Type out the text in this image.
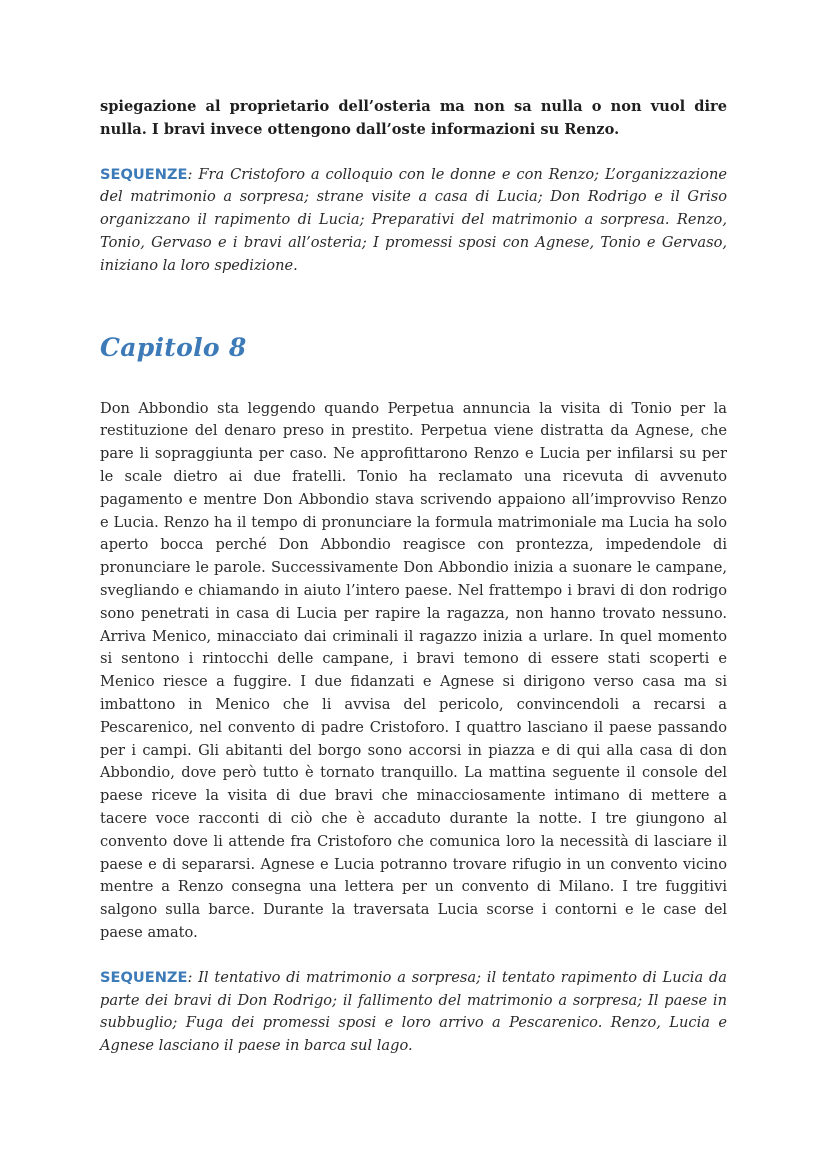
spiegazione al proprietario dell’osteria ma non sa nulla o non vuol dire nulla. I bravi invece ottengono dall’oste informazioni su Renzo.

SEQUENZE: Fra Cristoforo a colloquio con le donne e con Renzo; L’organizzazione del matrimonio a sorpresa; strane visite a casa di Lucia; Don Rodrigo e il Griso organizzano il rapimento di Lucia; Preparativi del matrimonio a sorpresa. Renzo, Tonio, Gervaso e i bravi all’osteria; I promessi sposi con Agnese, Tonio e Gervaso, iniziano la loro spedizione.

Capitolo 8

Don Abbondio sta leggendo quando Perpetua annuncia la visita di Tonio per la restituzione del denaro preso in prestito. Perpetua viene distratta da Agnese, che pare li sopraggiunta per caso. Ne approfittarono Renzo e Lucia per infilarsi su per le scale dietro ai due fratelli. Tonio ha reclamato una ricevuta di avvenuto pagamento e mentre Don Abbondio stava scrivendo appaiono all’improvviso Renzo e Lucia. Renzo ha il tempo di pronunciare la formula matrimoniale ma Lucia ha solo aperto bocca perché Don Abbondio reagisce con prontezza, impedendole di pronunciare le parole. Successivamente Don Abbondio inizia a suonare le campane, svegliando e chiamando in aiuto l’intero paese. Nel frattempo i bravi di don rodrigo sono penetrati in casa di Lucia per rapire la ragazza, non hanno trovato nessuno. Arriva Menico, minacciato dai criminali il ragazzo inizia a urlare. In quel momento si sentono i rintocchi delle campane, i bravi temono di essere stati scoperti e Menico riesce a fuggire. I due fidanzati e Agnese si dirigono verso casa ma si imbattono in Menico che li avvisa del pericolo, convincendoli a recarsi a Pescarenico, nel convento di padre Cristoforo. I quattro lasciano il paese passando per i campi. Gli abitanti del borgo sono accorsi in piazza e di qui alla casa di don Abbondio, dove però tutto è tornato tranquillo. La mattina seguente il console del paese riceve la visita di due bravi che minacciosamente intimano di mettere a tacere voce racconti di ciò che è accaduto durante la notte. I tre giungono al convento dove li attende fra Cristoforo che comunica loro la necessità di lasciare il paese e di separarsi. Agnese e Lucia potranno trovare rifugio in un convento vicino mentre a Renzo consegna una lettera per un convento di Milano. I tre fuggitivi salgono sulla barce. Durante la traversata Lucia scorse i contorni e le case del paese amato.

SEQUENZE: Il tentativo di matrimonio a sorpresa; il tentato rapimento di Lucia da parte dei bravi di Don Rodrigo; il fallimento del matrimonio a sorpresa; Il paese in subbuglio; Fuga dei promessi sposi e loro arrivo a Pescarenico. Renzo, Lucia e Agnese lasciano il paese in barca sul lago.
